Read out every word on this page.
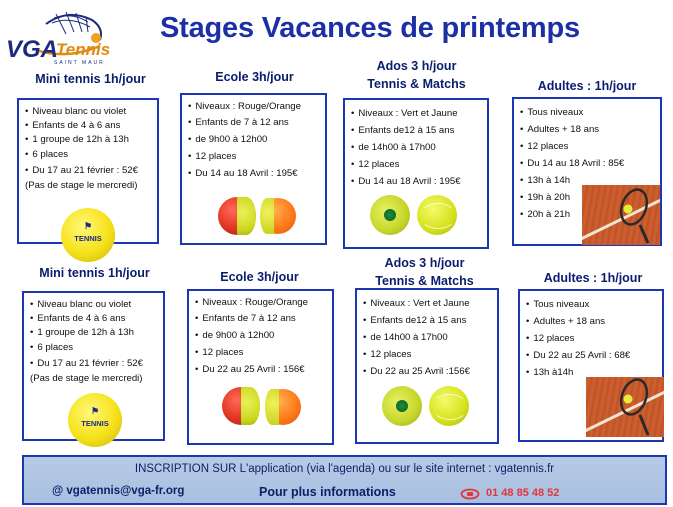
VGA
Tennis
SAINT MAUR
Stages Vacances de printemps
Mini tennis 1h/jour	Ecole 3h/jour
Ados 3 h/jour
Tennis & Matchs	Adultes : 1h/jour
• Niveau blanc ou violet
• Enfants de 4 à 6 ans
• 1 groupe de 12h à 13h
• 6 places
• Du 17 au 21 février : 52€
(Pas de stage le mercredi)
⚑
TENNIS
• Niveaux : Rouge/Orange
• Enfants de 7 à 12 ans
• de 9h00 à 12h00
• 12 places
• Du 14 au 18 Avril : 195€
• Niveaux : Vert et Jaune
• Enfants de12 à 15 ans
• de 14h00 à 17h00
• 12 places
• Du 14 au 18 Avril : 195€
• Tous niveaux
• Adultes + 18 ans
• 12 places
• Du 14 au 18 Avril : 85€
• 13h à 14h
• 19h à 20h
• 20h à 21h
Mini tennis 1h/jour	Ecole 3h/jour
Ados 3 h/jour
Tennis & Matchs	Adultes : 1h/jour
• Niveau blanc ou violet
• Enfants de 4 à 6 ans
• 1 groupe de 12h à 13h
• 6 places
• Du 17 au 21 février : 52€
(Pas de stage le mercredi)
⚑
TENNIS
• Niveaux : Rouge/Orange
• Enfants de 7 à 12 ans
• de 9h00 à 12h00
• 12 places
• Du 22 au 25 Avril : 156€
• Niveaux : Vert et Jaune
• Enfants de12 à 15 ans
• de 14h00 à 17h00
• 12 places
• Du 22 au 25 Avril :156€
• Tous niveaux
• Adultes + 18 ans
• 12 places
• Du 22 au 25 Avril : 68€
• 13h à14h
INSCRIPTION SUR L'application (via l'agenda) ou sur le site internet : vgatennis.fr
@ vgatennis@vga-fr.org	Pour plus informations	01 48 85 48 52
